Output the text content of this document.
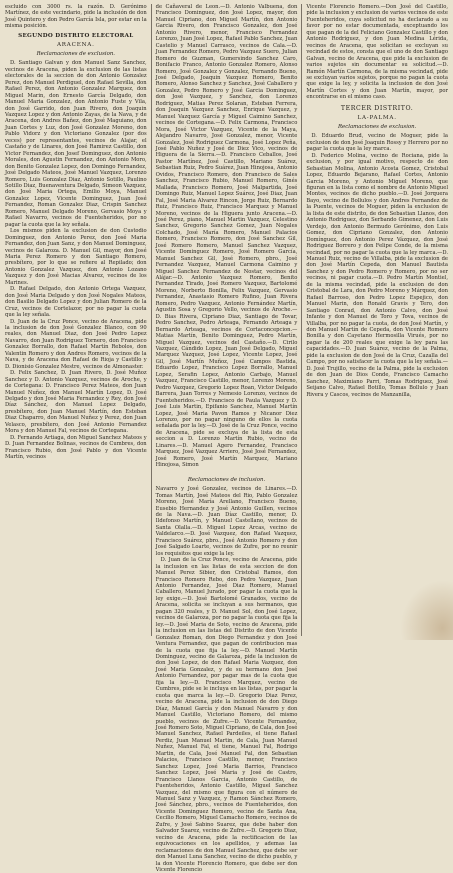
escluido con 3000 rs. la razón. D. Gerónimo Martínez, de este vecindario, pide la inclusión de don José Quintero y don Pedro García Isla, por estar en la misma posición.

SEGUNDO DISTRITO ELECTORAL
ARACENA.
Reclamaciones de exclusion.

D. Santiago Galvan y don Manuel Sanz Sanchez, vecinos de Aracena, piden la exclusion de las listas electorales de la seccion de don Antonio Gonzalez Perez, don Manuel Perdiguel, don Rafael Sevilla, don Rafael Perez, don Antonio Gonzalez Marquez, don Miguel Marin, don Ernesto García Delgado, don Manuel Maria Gonzalez, don Antonio Fuste y Vila, don José Garrido, don Juan Rivero, don Joaquin Vazquez Lopez y don Antonio Zayas, de la Nava, y de Aracena, don Andres Bañez, don José Maguiano, don Juan Cortes y Luz, don José Gonzalez Moreno, don Pablo Vidorz y don Victoriano Gonzalez (por dos veces) por representantes, vecinos de Alajar, el Castaño y de Linares, don José Ramirez Castillo, don Victor Fernandez, don Josef Dominguez, don Antonio Morales, don Agustin Fernandez, don Antonio Moro, don Benito Gonzalez Lopez, don Domingo Fernandez, José Delgado Mateos, José Manuel Vazquez, Lorenzo Romero, Luis Gonzalez Diaz, Antonio Sotillo, Paulino Sotillo Diaz, Buenaventura Delgado, Simeon Vazquez, don José Maria Ortega, Emilio Moya, Manuel Gonzalez Lopez, Vicente Dominguez, Juan José Fernandez, Roman Gonzalez Diaz, Crispin Sanchez Romero, Manuel Delgado Moreno, Gervasio Moya y Rafael Navarro, vecinos de Fuenteheridos, por no pagar la cuota que la ley señala.

Los mismos piden la exclusion de don Custodio Dominguez, don Antonio Perez, don José Maria Fernandez, don Juan Sanz, y don Manuel Dominguez, vecinos de Galaroza. D. Manuel Gil, mayor, don José Maria Perez Romero y don Santiago Romero, presbítero, por lo que se refiere al Repilado; don Antonio Gonzalez Vazquez, don Antonio Lozano Vazquez y don José Macias Alvarez, vecinos de los Marines.

D. Rafael Delgado, don Antonio Ortega Vazquez, don José Maria Delgado y don José Nogales Mateos, don Basilio Delgado Lopez y don Julian Romero de la Cruz, vecinos de Cortelazor, por no pagar la cuota que la ley señala.

D. Juan de la Cruz Ponce, vecino de Aracena, pide la inclusion de don José Gonzalez Blanco, con 90 reales, don Manuel Diaz, don José Pedro Lopez Navarro, don Juan Rodriguez Tornero, don Francisco Gonzalez Borrallo, don Rafael Martín Rebolos, don Valentin Romero y don Andres Romero, vecinos de la Nava, y de Aracena don Rafael de Rioja y Castillo y D. Dionisio Gonzalez Mestre, vecinos de Almonaster.

D. Felix Sanchez, D. Juan Rivero, D. José Muñoz Sanchez y D. Antonio Vazquez, vecinos de Aroche, y de Cortegana: D. Francisco Perez Mateos, don Juan Manuel Nuñez, don Manuel Martín Lopez, D. José Delgado y don José Maria Fernandez y Rey, don José Díaz Sánchez, don Manuel Lopez Delgado, presbítero, don Juan Manuel Martín, don Esteban Diaz Chaparro, don Manuel Nuñez y Perez, don Juan Velasco, presbítero, don José Antonio Fernandez Mora y don Manuel Fal, vecinos de Cortegana.

D. Fernando Artiaga, don Miguel Sanchez Mateos y D. Juan Fernandez Bolinas, vecinos de Cumbres, don Francisco Rubio, don José Pablo y don Vicente Martín, vecinos

de Cañaveral de Leon.—D. Antonio Valbuena, don Francisco Dominguez, don José Lopez, mayor, don Manuel Cipriano, don Miguel Martín, don Antonio Garcia Rivero, don Francisco Gonzalez, don José Antonio Rivero, menor, Francisco Fernandez Lorenzo, Juan José Lopez, Rafael Pablo Sanchez, Juan Castelio y Manuel Carrasco, vecinos de Cala.—D. Juan Fernandez Romero, Pedro Vazquez Suero, Julian Romero de Guzman, Gumersindo Sanchez Caro, Bonifacio Franco, Antonio Gonzalez Romero, Alonso Romero, José Gonzalez y Gonzalez, Fernando Bueno, José Delgado, Joaquin Vazquez Romero, Benito Romero, Alonso Sanchez y Sanchez, José Caballero y Gonzalez, Pedro Romero y José Garcia Dominguez, don José Vazquez, y Sanchez, don Lorenzo Rodriguez, Matias Perez Solaran, Esteban Ferrera, don Joaquin Vazquez Sanchez, Enrique Vazquez, y Manuel Vazquez García y Miguel Caimino Sanchez, vecinos de Cortegana.—D. Felix Carmona, Francisco Mora, José Victor Vazquez, Vicente de la Maya, Alejandro Navarro, José Gonzalez, menor, Vicente Gonzalez, José Rodriguez Carmona, José Lopez Peña, José Pablo Nuñez y José de Diez Vico, vecinos de Higuera de la Sierra.—D. Francisco Ceballos, José Pastor Martínez, José Castillo, Mariano Suárez, Sebastian Ruiz, Pedro Suárez, Juan Hinojosa, Antonio Ovidos, Francisco Romero, don Francisco de Sales Sanchez, Francisco Rubio, Manuel Romero, Ginés Mallada, Francisco Romero, José Malpartida, José Domingo Ruiz, Manuel Lopez Suárez, José Diaz, Juan Fal, José Maria Alvarez Rincon, Jorge Ruiz, Bernardo Ruiz, Francisco Ruiz, Francisco Marquez y Manuel Moreno, vecinos de la Higuera junto Aracena.—D. José Perez, piano, Manuel Martin Vazquez, Celestino Sanchez, Gregorio Sanchez Gomez, Juan Nogales Colchado, José María Romero, Manuel Palacios Romero, Francisco Romero, don José Sanchez Gil, José Romero Romero, Manuel Sanchez Vazquez, Vicente Dominguez Romero, José Romero García, Manuel Sanchez Gil, José Romero, pbro., José Fernandez Vazquez, Manuel Carmona Caimino y Miguel Sanchez Fernandez de Nostar, vecinos del Alájar.—D. Antonio Vazquez Romero, Benito Fernandez Tirado, José Romero Vazquez, Bartolomé Moreno, Norberto Bonilla, Felix Vazquez, Gervasio Fernandez, Anastasio Romero Rufino, Juan Rivera Romero, Pedro Vazquez, Antonio Fernández Martín, Agustin Sosa y Gregorio Vello, vecinos de Aroche.—D. Bias Rivera, Cipriano Diaz, Santiago de Tovar, Pedro Sanchez, Pedro Arteaga, Fernando Arteaga y Bernardo Arteaga, vecinos de Cortaconcepcion.—Matias Martín, Benito Dominguez, Pedro Martín, Miguel Vazquez, vecinos del Castaño.—D. Cirilo Vazquez, Cándido Lopez, Juan José Delgado, Miguel Marquez Vazquez, José Lopez, Vicente Lopez, José Gil, José Martín Muñoz, José Campos Bastida, Eduardo Lopez, Francisco Lopez Borrallo, Manuel Lopez, Serafin Lopez, Antonio Carbajo, Manuel Vazquez, Francisco Castillo, menor, Lorenzo Moreno, Pedro Vazquez, Gregorio Lopez Roan, Victor Delgado Barrera, Juan Torres y Nemesio Lorenzo, vecinos de Fuenteheridos.—D. Francisco de Paula Vazquez y D. José Luis Martin, Epifanio Sanchez, Manuel Martín Lopez, José Maria Pavon Ramos y Nicanor Diez Lorenzo, por no pagar ninguno de ellos la cuota señalada por la ley.—D. José de la Cruz Ponce, vecino de Aracena, pide se excluya de la lista de esta seccion a D. Lorenzo Martín Rubio, vecino de Linares.—D. Manuel Agero Fernandez, Francisco Marquez, José Vazquez Arriero, José José Fernandez, José Romero, José Martín Marquez, Mariano Hinojosa, Simon

Reclamaciones de inclusion.

Navarro y José Gonzalez, vecinos de Linares.—D. Tomas Martín, José Mateos del Rio, Pablo Gonzalez Moreno, José María Arellano, Francisco Bueno, Eusebio Hernandez y José Antonio Guillen, vecinos de la Nava.—D. Juan Díaz Castillo, menor, D. Ildefonso Martín, y Manuel Castellano, vecinos de Santa Olalla.—D. Miguel Lopez Arcas, vecino de Valdelarco.—D. José Vazquez, don Rafael Vazquez, Francisco Suárez, pbro., José Antonio Romero y don José Salgado Loarte, vecinos de Zufre, por no reunir los requisitos que exige la ley.

D. Juan de la Cruz Ponce, vecino de Aracena, pide la inclusion en las listas de esta seccion de don Manuel Perez Sibier, don Cristobal Ramos, don Francisco Romero Rebo, don Pedro Vazquez, Juan Antonio Fernandez, José Diaz Romero, Manuel Caballero, Manuel Jurado, por pagar la cuota que la ley exige.—D. José Bartolomé Granados, vecino de Aracena, solicita se incluyan a sus hermanos, que pagan 320 reales, y D. Manuel Sol, don José Lopez, vecinos de Galaroza, por no pagar la cuota que fija la ley.—D. José Maria de Soto, vecino de Aracena, pide la inclusion en las listas del Distrito de don Vicente Gonzalez Roman, don Diego Fernandez y don José Ventura Fernandez, que pagan de contribucion mas de la cuota que fija la ley.—D. Manuel Martín Dominguez, vecino de Galaroza, pide la inclusion de don José Lopez, de don Rafael Maria Vazquez, don José Maria Gonzalez, y de su hermano don José Antonio Fernandez, por pagar mas de la cuota que fija la ley.—D. Francisco Marquez, vecino de Cumbres, pide se le incluya en las listas, por pagar la cuota que marca la ley.—D. Gregorio Diaz Perez, vecino de Aracena, pide la inclusion de don Diego Díaz, Manuel García y don Manuel Navarro y don Manuel Castillo, Victoriano Romero, del mismo pueblo, vecinos de Zufre.—D. Vicente Fernandez, José Romero Soto, Miguel Cipriano, de Cala, don José Manuel Sanchez, Rafael Pardeiles, el tiene Rafael Perdiz, Juan Manuel Martin, de Cala, Juan Manuel Nuñez, Manuel Fal, el tiene, Manuel Fal, Rodrigo Martin, de Cala, José Manuel Fal, don Sebastian Palacios, Francisco Castillo, menor, Francisco Sanchez Lopez, José Maria Barrios, Francisco Sanchez Lopez, José Maria y José de Castro, Francisco Llanos Garcia, Antonio Castillo, de Fuenteheridos, Antonio Castillo, Miguel Sanchez Vazquez, del mismo que figura con el número de Manuel Sanz y Vazquez, y Ramon Sánchez Romero, José Sánchez, pbro., vecinos de Fuenteheridos, don Vicente Dominguez Romero, vecino de Santa Ana, Cecilio Romero, Miguel Camacho Romero, vecinos de Zufre, y José Sabino Suarez, que debe haber don Salvador Suarez, vecino de Zufre.—D. Gregorio Diaz, vecino de Aracena, pide la rectificacion de las equivocaciones en los apellidos, y ademas las reclamaciones de don Manuel Sanchez, que debe ser don Manuel Luna Sanchez, vecino de dicho pueblo, y la don Vicente Florencio Romero, que debe ser don Vicente Florencio

Vicente Florencio Romero.—Don José del Castillo, pide la inclusion y exclusion de varios vecinos de este Fuenteheridos, cuya solicitud no ha declarado a su favor por no estar documentada, exceptuando los que pagan de la del Feliciano Gonzalez Castillo y don Antonio Rodriguez, y don Juan Medina Lérida, vecinos de Aracena, que solicitan se excluyan su vecindad de estos, consta que el uno de don Santiago Galvan, vecino de Aracena, que pide la exclusion de varios sujetos sin documentar su solicitud.—D. Ramón Martín Carmona, de la misma vecindad, pide se excluyan varios sujetos, porque no pagan la cuota que exige la ley, y solicita la inclusion de don José Martín Cortes y don Juan Martín, mayor, por encontrarse en el mismo caso.

TERCER DISTRITO.
LA-PALMA.
Reclamaciones de exclusion.

D. Eduardo Brud, vecino de Moguer, pide la exclusion de don José Joaquin Rossy y Herrero por no pagar la cuota que la ley marca.

D. Federico Molina, vecino de Rociana, pide la exclusion, y por igual motivo, respecto de don Sebastian Molina, Antonio Acosta Gomez, Cristobal Lopez, Eduardo Bejarano, Rafael Cortes, Antonio Garcia Moreno, y Antonio Miguel Moreno, que figuran en la lista como el nombre de Antonio Miguel Montes, vecinos de dicho pueblo.—D. José Jorquera Bayo, vecino de Bollulos y don Andres Fernandez de la Puente, vecinos de Moguer, piden la exclusion de la lista de este distrito, de don Sebastian Llanos, don Antonio Rodriguez, don Serbando Gimenez, don Luis Verdejo, don Antonio Bermudo Gerónimo, don Luis Gomez, don Cipriano Gonzalez, don Antonio Domínguez, don Antonio Perez Vázquez, don José Rodriguez Borrero y don Felipe Conde, de la misma vecindad, por no pagar la cuota que la ley marca.—D. Manuel Ruiz, vecino de Villalba, pide la exclusion de don José Martín Cepeda, don Manuel Bautista Sanchez y don Pedro Romero y Romero, por no ser vecinos, ni pagar cuota.—D. Pedro Martín Montiel, de la misma vecindad, pide la exclusion de don Cristobal de Lara, don Pedro Moreno y Márquez, don Rafael Barroso, don Pedro Lopez Espejico, don Manuel Marin, don Ronald Gravis y Tero, don Santiago Conrad, don Antonio Calvo, don José Infante y don Manuel de Toro y Tova, vecinos de Villalba, por no pagar la cuota, de don José Martín, y don Manuel Martín de Cepeda, don Vicente Romero Bonilla y don Cayetano Hermosilla Virués, por no pagar la de 200 reales que exige la ley para las capacidades.—D. Juan Suárez, vecino de la Palma, pide la exclusion de don José de la Cruz, Cazalla del Campo, por no satisfacer la cuota que la ley señala.—D. José Trujillo, vecino de la Palma, pide la exclusion de don Juan de Dios Conde, Francisco Camacho Sanchez, Maximiano Parri, Tomas Rodriguez, José Seijano Calvo, Rafael Botillo, Tomas Bollulo y Juan Rivera y Cascos, vecinos de Manzanilla,
